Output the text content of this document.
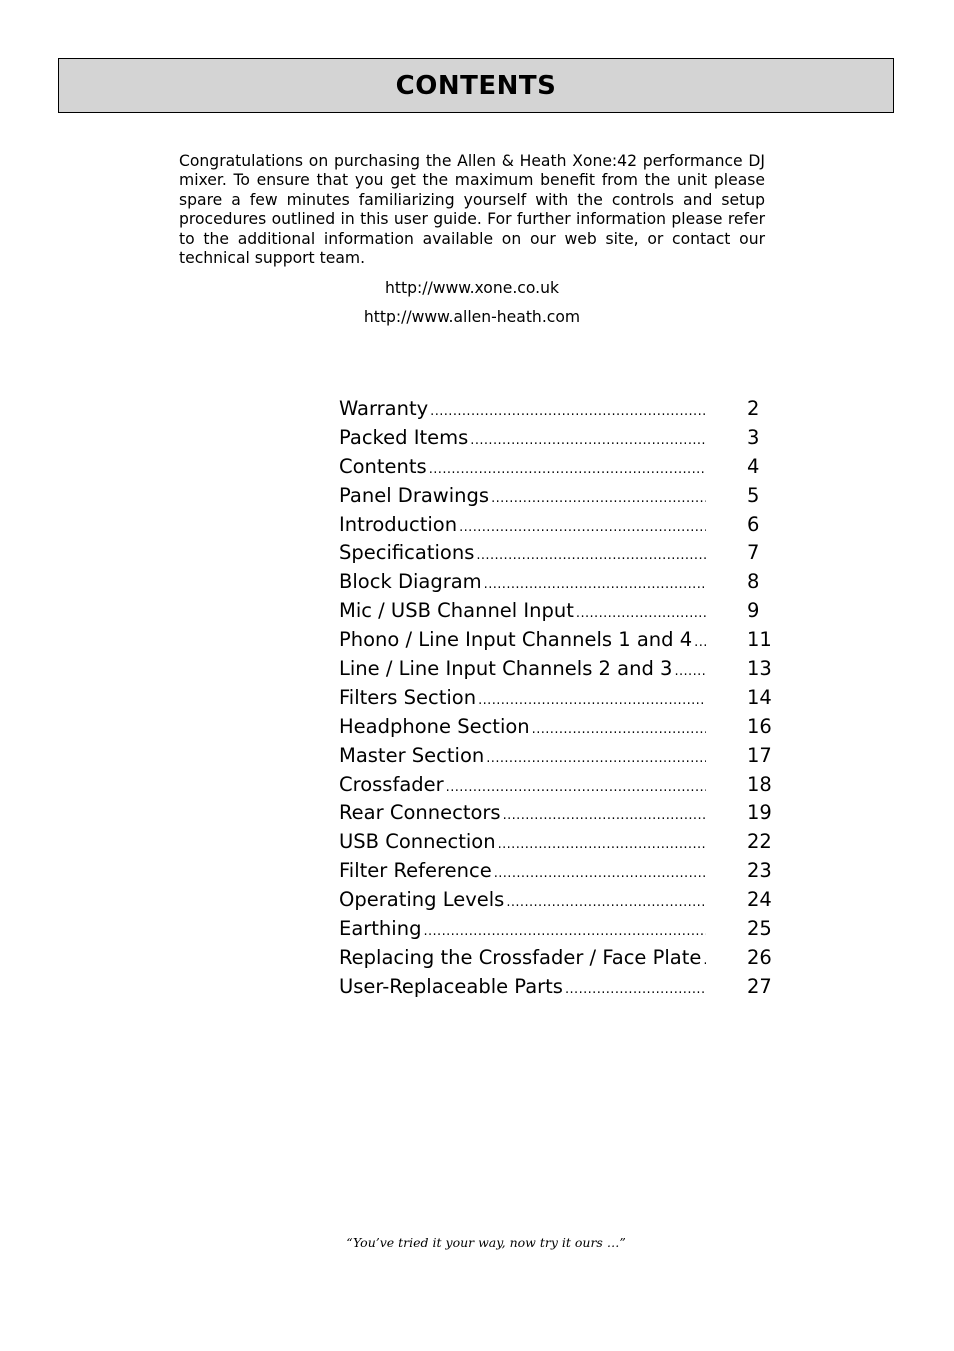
CONTENTS

Congratulations on purchasing the Allen & Heath Xone:42 performance DJ mixer. To ensure that you get the maximum benefit from the unit please spare a few minutes familiarizing yourself with the controls and setup procedures outlined in this user guide. For further information please refer to the additional information available on our web site, or contact our technical support team.

http://www.xone.co.uk

http://www.allen-heath.com

Warranty .....	2
Packed Items .....	3
Contents .....	4
Panel Drawings .....	5
Introduction .....	6
Specifications .....	7
Block Diagram .....	8
Mic / USB Channel Input .....	9
Phono / Line Input Channels 1 and 4 .....	11
Line / Line Input Channels 2 and 3 .....	13
Filters Section .....	14
Headphone Section .....	16
Master Section .....	17
Crossfader .....	18
Rear Connectors .....	19
USB Connection .....	22
Filter Reference .....	23
Operating Levels .....	24
Earthing .....	25
Replacing the Crossfader / Face Plate ..... 26
User-Replaceable Parts .....	27

“You’ve tried it your way, now try it ours …”
